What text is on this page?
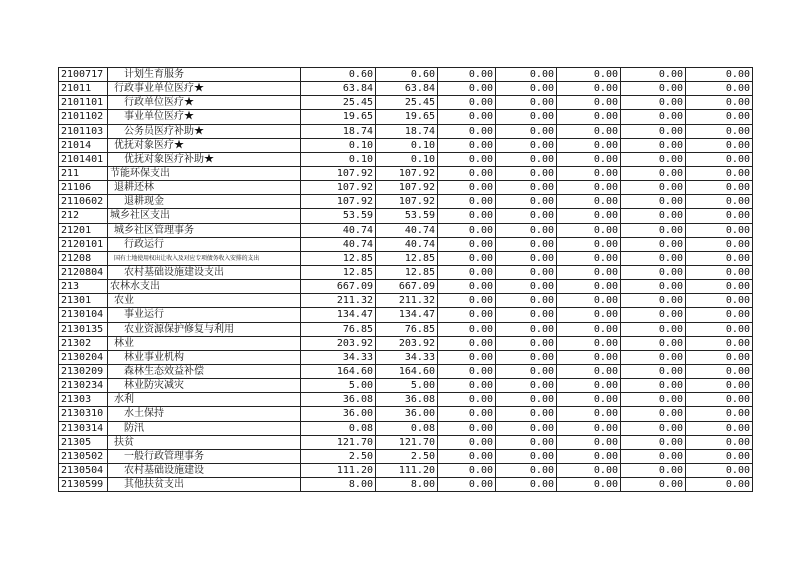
2100717	计划生育服务	0.60	0.60	0.00	0.00	0.00	0.00	0.00
21011	行政事业单位医疗★	63.84	63.84	0.00	0.00	0.00	0.00	0.00
2101101	行政单位医疗★	25.45	25.45	0.00	0.00	0.00	0.00	0.00
2101102	事业单位医疗★	19.65	19.65	0.00	0.00	0.00	0.00	0.00
2101103	公务员医疗补助★	18.74	18.74	0.00	0.00	0.00	0.00	0.00
21014	优抚对象医疗★	0.10	0.10	0.00	0.00	0.00	0.00	0.00
2101401	优抚对象医疗补助★	0.10	0.10	0.00	0.00	0.00	0.00	0.00
211	节能环保支出	107.92	107.92	0.00	0.00	0.00	0.00	0.00
21106	退耕还林	107.92	107.92	0.00	0.00	0.00	0.00	0.00
2110602	退耕现金	107.92	107.92	0.00	0.00	0.00	0.00	0.00
212	城乡社区支出	53.59	53.59	0.00	0.00	0.00	0.00	0.00
21201	城乡社区管理事务	40.74	40.74	0.00	0.00	0.00	0.00	0.00
2120101	行政运行	40.74	40.74	0.00	0.00	0.00	0.00	0.00
21208	国有土地使用权出让收入及对应专项债务收入安排的支出	12.85	12.85	0.00	0.00	0.00	0.00	0.00
2120804	农村基础设施建设支出	12.85	12.85	0.00	0.00	0.00	0.00	0.00
213	农林水支出	667.09	667.09	0.00	0.00	0.00	0.00	0.00
21301	农业	211.32	211.32	0.00	0.00	0.00	0.00	0.00
2130104	事业运行	134.47	134.47	0.00	0.00	0.00	0.00	0.00
2130135	农业资源保护修复与利用	76.85	76.85	0.00	0.00	0.00	0.00	0.00
21302	林业	203.92	203.92	0.00	0.00	0.00	0.00	0.00
2130204	林业事业机构	34.33	34.33	0.00	0.00	0.00	0.00	0.00
2130209	森林生态效益补偿	164.60	164.60	0.00	0.00	0.00	0.00	0.00
2130234	林业防灾减灾	5.00	5.00	0.00	0.00	0.00	0.00	0.00
21303	水利	36.08	36.08	0.00	0.00	0.00	0.00	0.00
2130310	水土保持	36.00	36.00	0.00	0.00	0.00	0.00	0.00
2130314	防汛	0.08	0.08	0.00	0.00	0.00	0.00	0.00
21305	扶贫	121.70	121.70	0.00	0.00	0.00	0.00	0.00
2130502	一般行政管理事务	2.50	2.50	0.00	0.00	0.00	0.00	0.00
2130504	农村基础设施建设	111.20	111.20	0.00	0.00	0.00	0.00	0.00
2130599	其他扶贫支出	8.00	8.00	0.00	0.00	0.00	0.00	0.00
